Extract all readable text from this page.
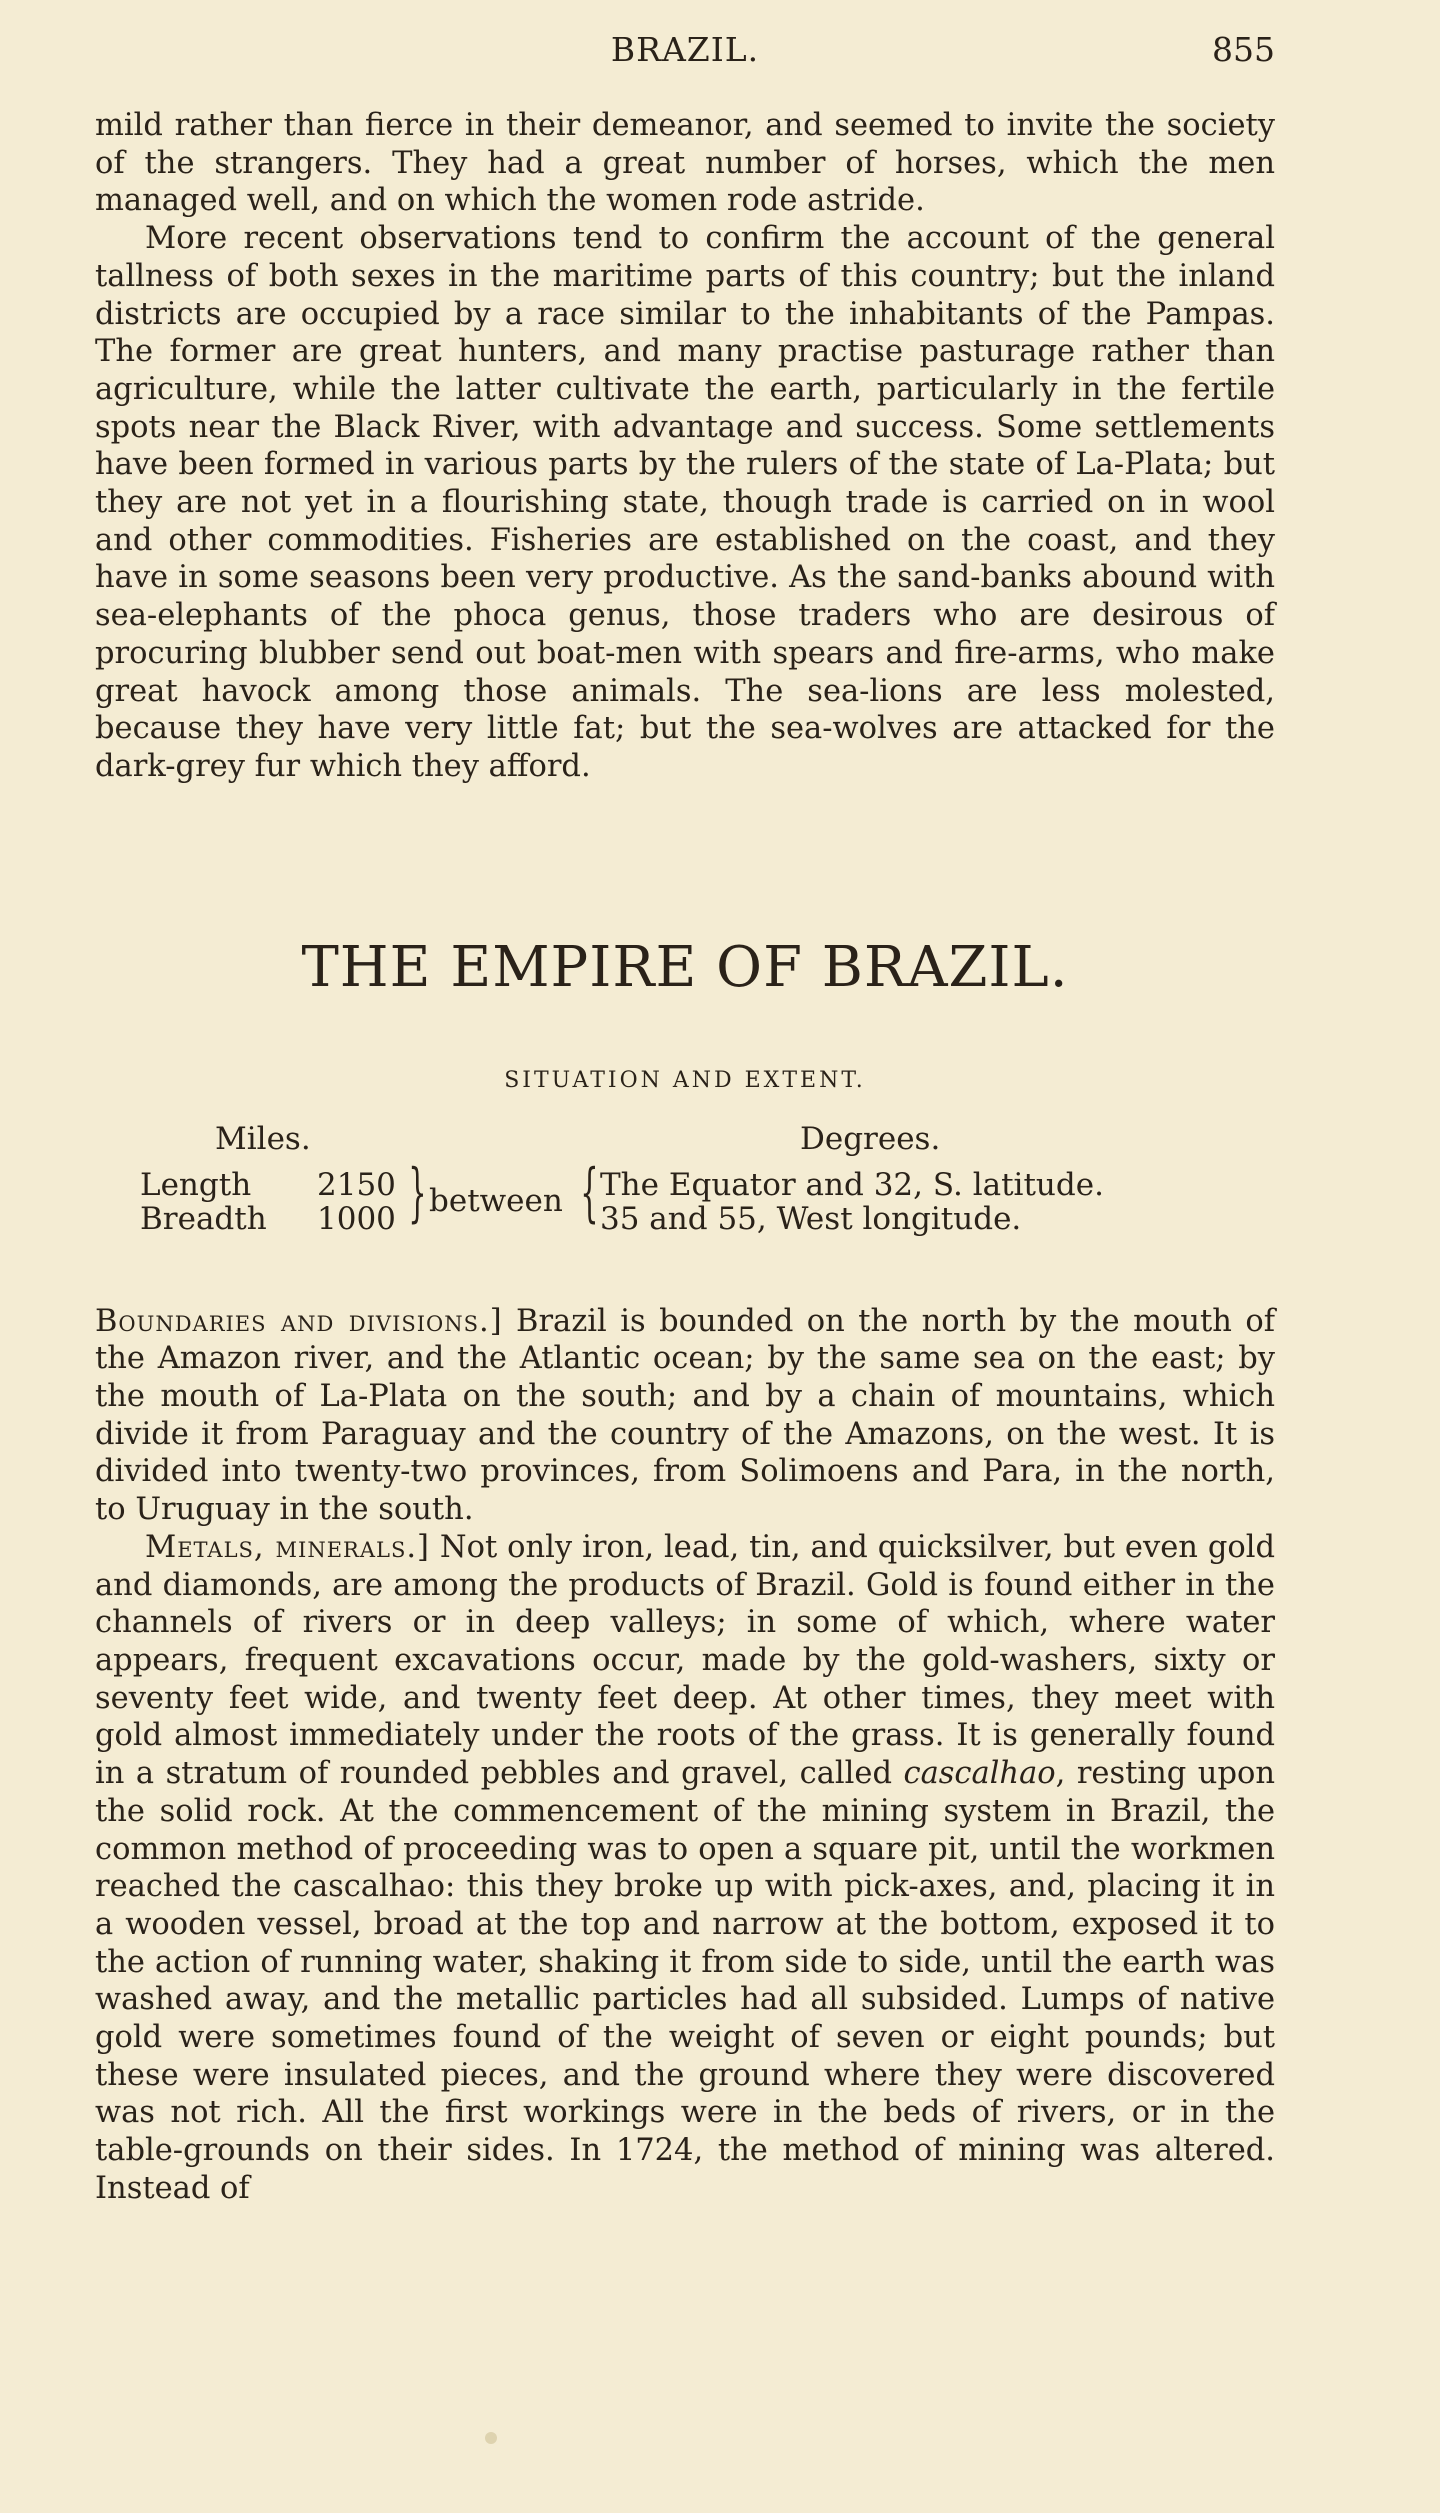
BRAZIL.	855

mild rather than fierce in their demeanor, and seemed to invite the society of the strangers. They had a great number of horses, which the men managed well, and on which the women rode astride.

More recent observations tend to confirm the account of the general tallness of both sexes in the maritime parts of this country; but the inland districts are occupied by a race similar to the inhabitants of the Pampas. The former are great hunters, and many practise pasturage rather than agriculture, while the latter cultivate the earth, particularly in the fertile spots near the Black River, with advantage and success. Some settlements have been formed in various parts by the rulers of the state of La-Plata; but they are not yet in a flourishing state, though trade is carried on in wool and other commodities. Fisheries are established on the coast, and they have in some seasons been very productive. As the sand-banks abound with sea-elephants of the phoca genus, those traders who are desirous of procuring blubber send out boat-men with spears and fire-arms, who make great havock among those animals. The sea-lions are less molested, because they have very little fat; but the sea-wolves are attacked for the dark-grey fur which they afford.

THE EMPIRE OF BRAZIL.
SITUATION AND EXTENT.
Miles.	Degrees.
Length 2150
Breadth 1000 } between { The Equator and 32, S. latitude.
35 and 55, West longitude.

Boundaries and divisions.] Brazil is bounded on the north by the mouth of the Amazon river, and the Atlantic ocean; by the same sea on the east; by the mouth of La-Plata on the south; and by a chain of mountains, which divide it from Paraguay and the country of the Amazons, on the west. It is divided into twenty-two provinces, from Solimoens and Para, in the north, to Uruguay in the south.

Metals, minerals.] Not only iron, lead, tin, and quicksilver, but even gold and diamonds, are among the products of Brazil. Gold is found either in the channels of rivers or in deep valleys; in some of which, where water appears, frequent excavations occur, made by the gold-washers, sixty or seventy feet wide, and twenty feet deep. At other times, they meet with gold almost immediately under the roots of the grass. It is generally found in a stratum of rounded pebbles and gravel, called cascalhao, resting upon the solid rock. At the commencement of the mining system in Brazil, the common method of proceeding was to open a square pit, until the workmen reached the cascalhao: this they broke up with pick-axes, and, placing it in a wooden vessel, broad at the top and narrow at the bottom, exposed it to the action of running water, shaking it from side to side, until the earth was washed away, and the metallic particles had all subsided. Lumps of native gold were sometimes found of the weight of seven or eight pounds; but these were insulated pieces, and the ground where they were discovered was not rich. All the first workings were in the beds of rivers, or in the table-grounds on their sides. In 1724, the method of mining was altered. Instead of
